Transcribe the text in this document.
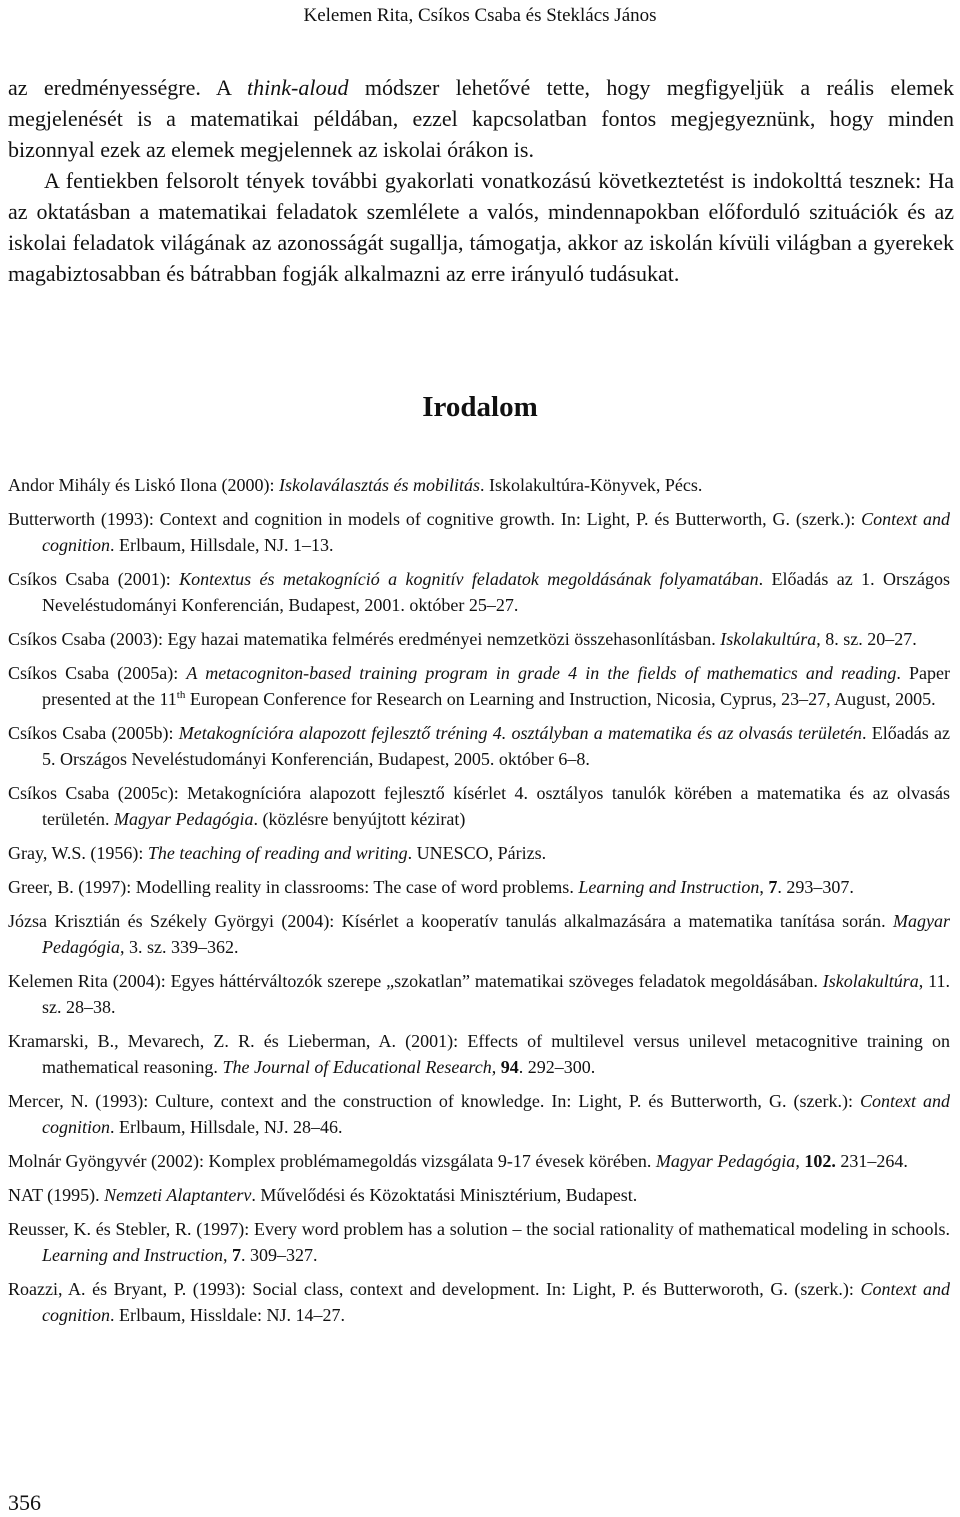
Kelemen Rita, Csíkos Csaba és Steklács János

az eredményességre. A think-aloud módszer lehetővé tette, hogy megfigyeljük a reális elemek megjelenését is a matematikai példában, ezzel kapcsolatban fontos megjegyeznünk, hogy minden bizonnyal ezek az elemek megjelennek az iskolai órákon is.

A fentiekben felsorolt tények további gyakorlati vonatkozású következtetést is indokolttá tesznek: Ha az oktatásban a matematikai feladatok szemlélete a valós, mindennapokban előforduló szituációk és az iskolai feladatok világának az azonosságát sugallja, támogatja, akkor az iskolán kívüli világban a gyerekek magabiztosabban és bátrabban fogják alkalmazni az erre irányuló tudásukat.

Irodalom
Andor Mihály és Liskó Ilona (2000): Iskolaválasztás és mobilitás. Iskolakultúra-Könyvek, Pécs.
Butterworth (1993): Context and cognition in models of cognitive growth. In: Light, P. és Butterworth, G. (szerk.): Context and cognition. Erlbaum, Hillsdale, NJ. 1–13.
Csíkos Csaba (2001): Kontextus és metakogníció a kognitív feladatok megoldásának folyamatában. Előadás az 1. Országos Neveléstudományi Konferencián, Budapest, 2001. október 25–27.
Csíkos Csaba (2003): Egy hazai matematika felmérés eredményei nemzetközi összehasonlításban. Iskolakultúra, 8. sz. 20–27.
Csíkos Csaba (2005a): A metacogniton-based training program in grade 4 in the fields of mathematics and reading. Paper presented at the 11th European Conference for Research on Learning and Instruction, Nicosia, Cyprus, 23–27, August, 2005.
Csíkos Csaba (2005b): Metakogníciórа alapozott fejlesztő tréning 4. osztályban a matematika és az olvasás területén. Előadás az 5. Országos Neveléstudományi Konferencián, Budapest, 2005. október 6–8.
Csíkos Csaba (2005c): Metakogníciórа alapozott fejlesztő kísérlet 4. osztályos tanulók körében a matematika és az olvasás területén. Magyar Pedagógia. (közlésre benyújtott kézirat)
Gray, W.S. (1956): The teaching of reading and writing. UNESCO, Párizs.
Greer, B. (1997): Modelling reality in classrooms: The case of word problems. Learning and Instruction, 7. 293–307.
Józsa Krisztián és Székely Györgyi (2004): Kísérlet a kooperatív tanulás alkalmazására a matematika tanítása során. Magyar Pedagógia, 3. sz. 339–362.
Kelemen Rita (2004): Egyes háttérváltozók szerepe „szokatlan” matematikai szöveges feladatok megoldásában. Iskolakultúra, 11. sz. 28–38.
Kramarski, B., Mevarech, Z. R. és Lieberman, A. (2001): Effects of multilevel versus unilevel metacognitive training on mathematical reasoning. The Journal of Educational Research, 94. 292–300.
Mercer, N. (1993): Culture, context and the construction of knowledge. In: Light, P. és Butterworth, G. (szerk.): Context and cognition. Erlbaum, Hillsdale, NJ. 28–46.
Molnár Gyöngyvér (2002): Komplex problémamegoldás vizsgálata 9-17 évesek körében. Magyar Pedagógia, 102. 231–264.
NAT (1995). Nemzeti Alaptanterv. Művelődési és Közoktatási Minisztérium, Budapest.
Reusser, K. és Stebler, R. (1997): Every word problem has a solution – the social rationality of mathematical modeling in schools. Learning and Instruction, 7. 309–327.
Roazzi, A. és Bryant, P. (1993): Social class, context and development. In: Light, P. és Butterworoth, G. (szerk.): Context and cognition. Erlbaum, Hissldale: NJ. 14–27.
356
